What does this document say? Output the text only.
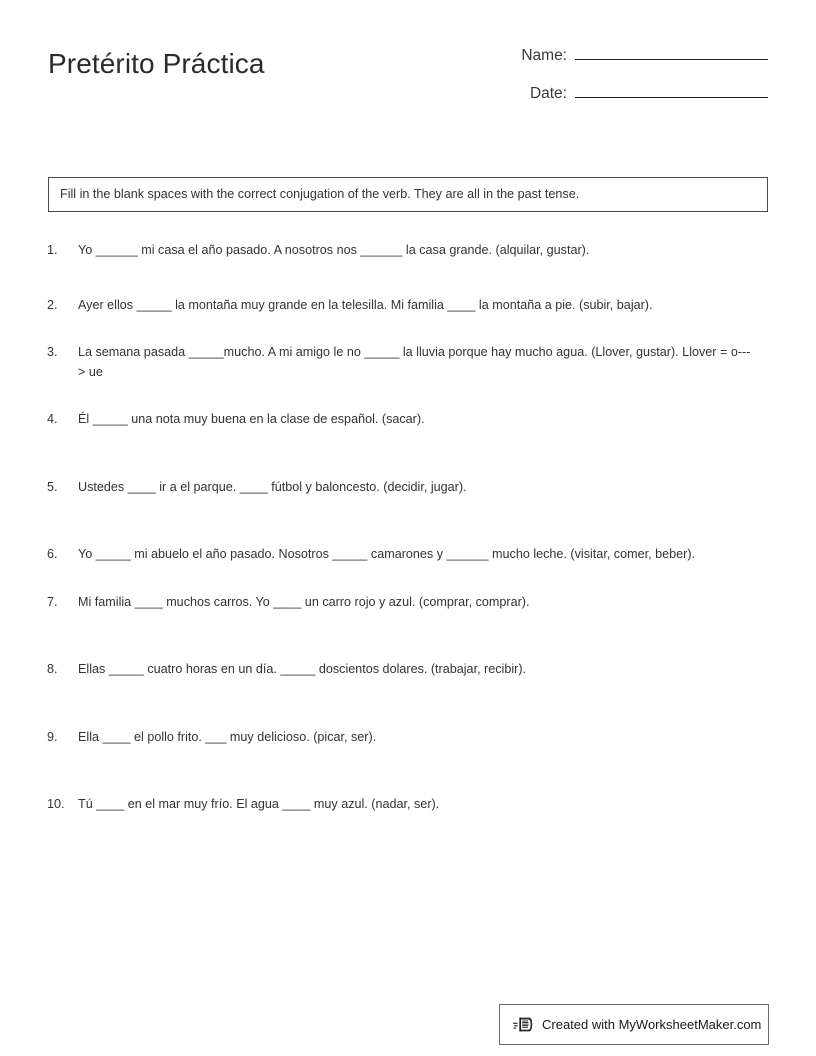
Pretérito Práctica	Name:
Date:
Fill in the blank spaces with the correct conjugation of the verb. They are all in the past tense.
1.	Yo ______ mi casa el año pasado. A nosotros nos ______ la casa grande. (alquilar, gustar).
2.	Ayer ellos _____ la montaña muy grande en la telesilla. Mi familia ____ la montaña a pie. (subir, bajar).
3.	La semana pasada _____mucho. A mi amigo le no _____ la lluvia porque hay mucho agua. (Llover, gustar). Llover = o---> ue
4.	Él _____ una nota muy buena en la clase de español. (sacar).
5.	Ustedes ____ ir a el parque. ____ fútbol y baloncesto. (decidir, jugar).
6.	Yo _____ mi abuelo el año pasado. Nosotros _____ camarones y ______ mucho leche. (visitar, comer, beber).
7.	Mi familia ____ muchos carros. Yo ____ un carro rojo y azul. (comprar, comprar).
8.	Ellas _____ cuatro horas en un día. _____ doscientos dolares. (trabajar, recibir).
9.	Ella ____ el pollo frito. ___ muy delicioso. (picar, ser).
10.	Tú ____ en el mar muy frío. El agua ____ muy azul. (nadar, ser).
Created with MyWorksheetMaker.com
